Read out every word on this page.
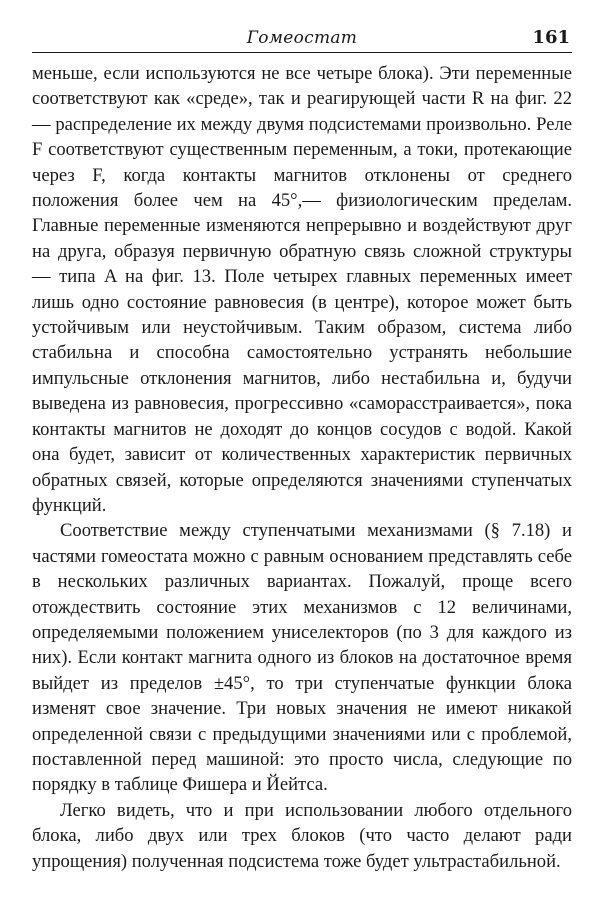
Гомеостат	161

меньше, если используются не все четыре блока). Эти переменные соответствуют как «среде», так и реагирующей части R на фиг. 22 — распределение их между двумя подсистемами произвольно. Реле F соответствуют существенным переменным, а токи, протекающие через F, когда контакты магнитов отклонены от среднего положения более чем на 45°,— физиологическим пределам. Главные переменные изменяются непрерывно и воздействуют друг на друга, образуя первичную обратную связь сложной структуры — типа A на фиг. 13. Поле четырех главных переменных имеет лишь одно состояние равновесия (в центре), которое может быть устойчивым или неустойчивым. Таким образом, система либо стабильна и способна самостоятельно устранять небольшие импульсные отклонения магнитов, либо нестабильна и, будучи выведена из равновесия, прогрессивно «саморасстраивается», пока контакты магнитов не доходят до концов сосудов с водой. Какой она будет, зависит от количественных характеристик первичных обратных связей, которые определяются значениями ступенчатых функций.

Соответствие между ступенчатыми механизмами (§ 7.18) и частями гомеостата можно с равным основанием представлять себе в нескольких различных вариантах. Пожалуй, проще всего отождествить состояние этих механизмов с 12 величинами, определяемыми положением униселекторов (по 3 для каждого из них). Если контакт магнита одного из блоков на достаточное время выйдет из пределов ±45°, то три ступенчатые функции блока изменят свое значение. Три новых значения не имеют никакой определенной связи с предыдущими значениями или с проблемой, поставленной перед машиной: это просто числа, следующие по порядку в таблице Фишера и Йейтса.

Легко видеть, что и при использовании любого отдельного блока, либо двух или трех блоков (что часто делают ради упрощения) полученная подсистема тоже будет ультрастабильной.
